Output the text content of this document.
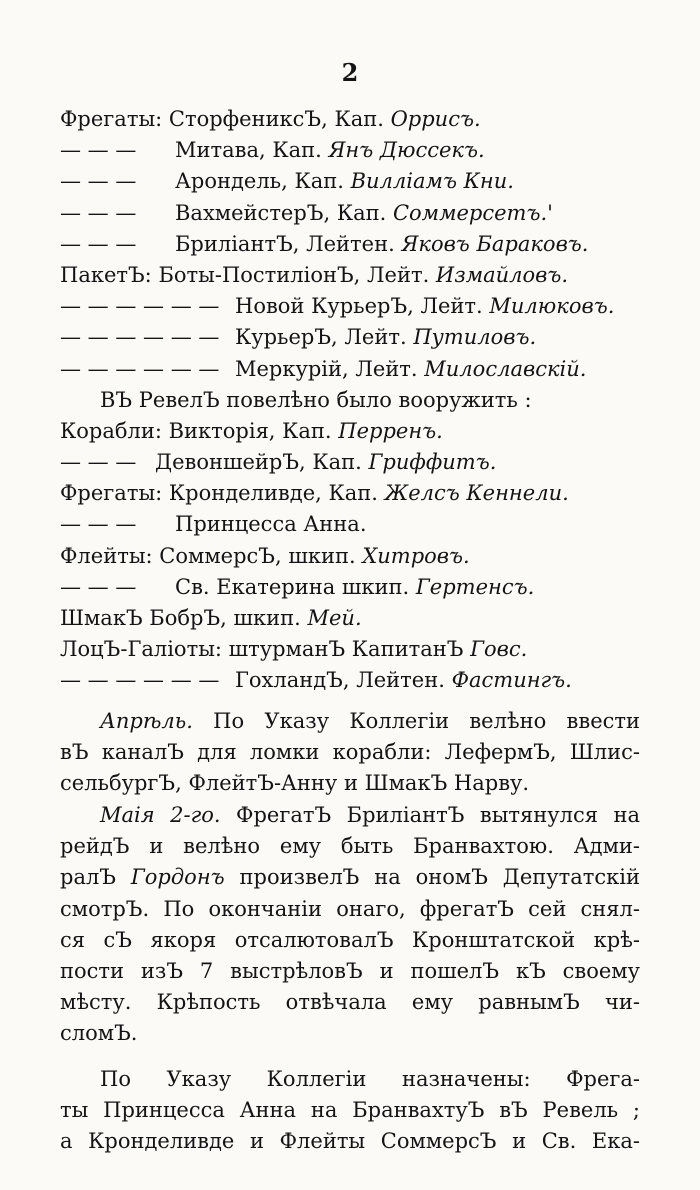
2
Фрегаты: СторфениксЪ, Кап. Оррисъ.
— — — Митава, Кап. Янъ Дюссекъ.
— — — Арондель, Кап. Вилліамъ Кни.
— — — ВахмейстерЪ, Кап. Соммерсетъ.'
— — — БриліантЪ, Лейтен. Яковъ Бараковъ.
ПакетЪ: Боты-ПостиліонЪ, Лейт. Измайловъ.
— — — — — — Новой КурьерЪ, Лейт. Милюковъ.
— — — — — — КурьерЪ, Лейт. Путиловъ.
— — — — — — Меркурій, Лейт. Милославскій.
ВЪ РевелЪ повелѣно было вооружить :
Корабли: Викторія, Кап. Перренъ.
— — — ДевоншейрЪ, Кап. Гриффитъ.
Фрегаты: Кронделивде, Кап. Желсъ Кеннели.
— — — Принцесса Анна.
Флейты: СоммерсЪ, шкип. Хитровъ.
— — — Св. Екатерина шкип. Гертенсъ.
ШмакЪ БобрЪ, шкип. Мей.
ЛоцЪ-Галіоты: штурманЪ КапитанЪ Говс.
— — — — — — ГохландЪ, Лейтен. Фастингъ.
Апрѣль. По Указу Коллегіи велѣно ввести
вЪ каналЪ для ломки корабли: ЛефермЪ, Шлис-
сельбургЪ, ФлейтЪ-Анну и ШмакЪ Нарву.
Маія 2-го. ФрегатЪ БриліантЪ вытянулся на
рейдЪ и велѣно ему быть Бранвахтою. Адми-
ралЪ Гордонъ произвелЪ на ономЪ Депутатскій
смотрЪ. По окончаніи онаго, фрегатЪ сей снял-
ся сЪ якоря отсалютовалЪ Кронштатской крѣ-
пости изЪ 7 выстрѣловЪ и пошелЪ кЪ своему
мѣсту. Крѣпость отвѣчала ему равнымЪ чи-
сломЪ.
По Указу Коллегіи назначены: Фрега-
ты Принцесса Анна на БранвахтуЪ вЪ Ревель ;
а Кронделивде и Флейты СоммерсЪ и Св. Ека-
